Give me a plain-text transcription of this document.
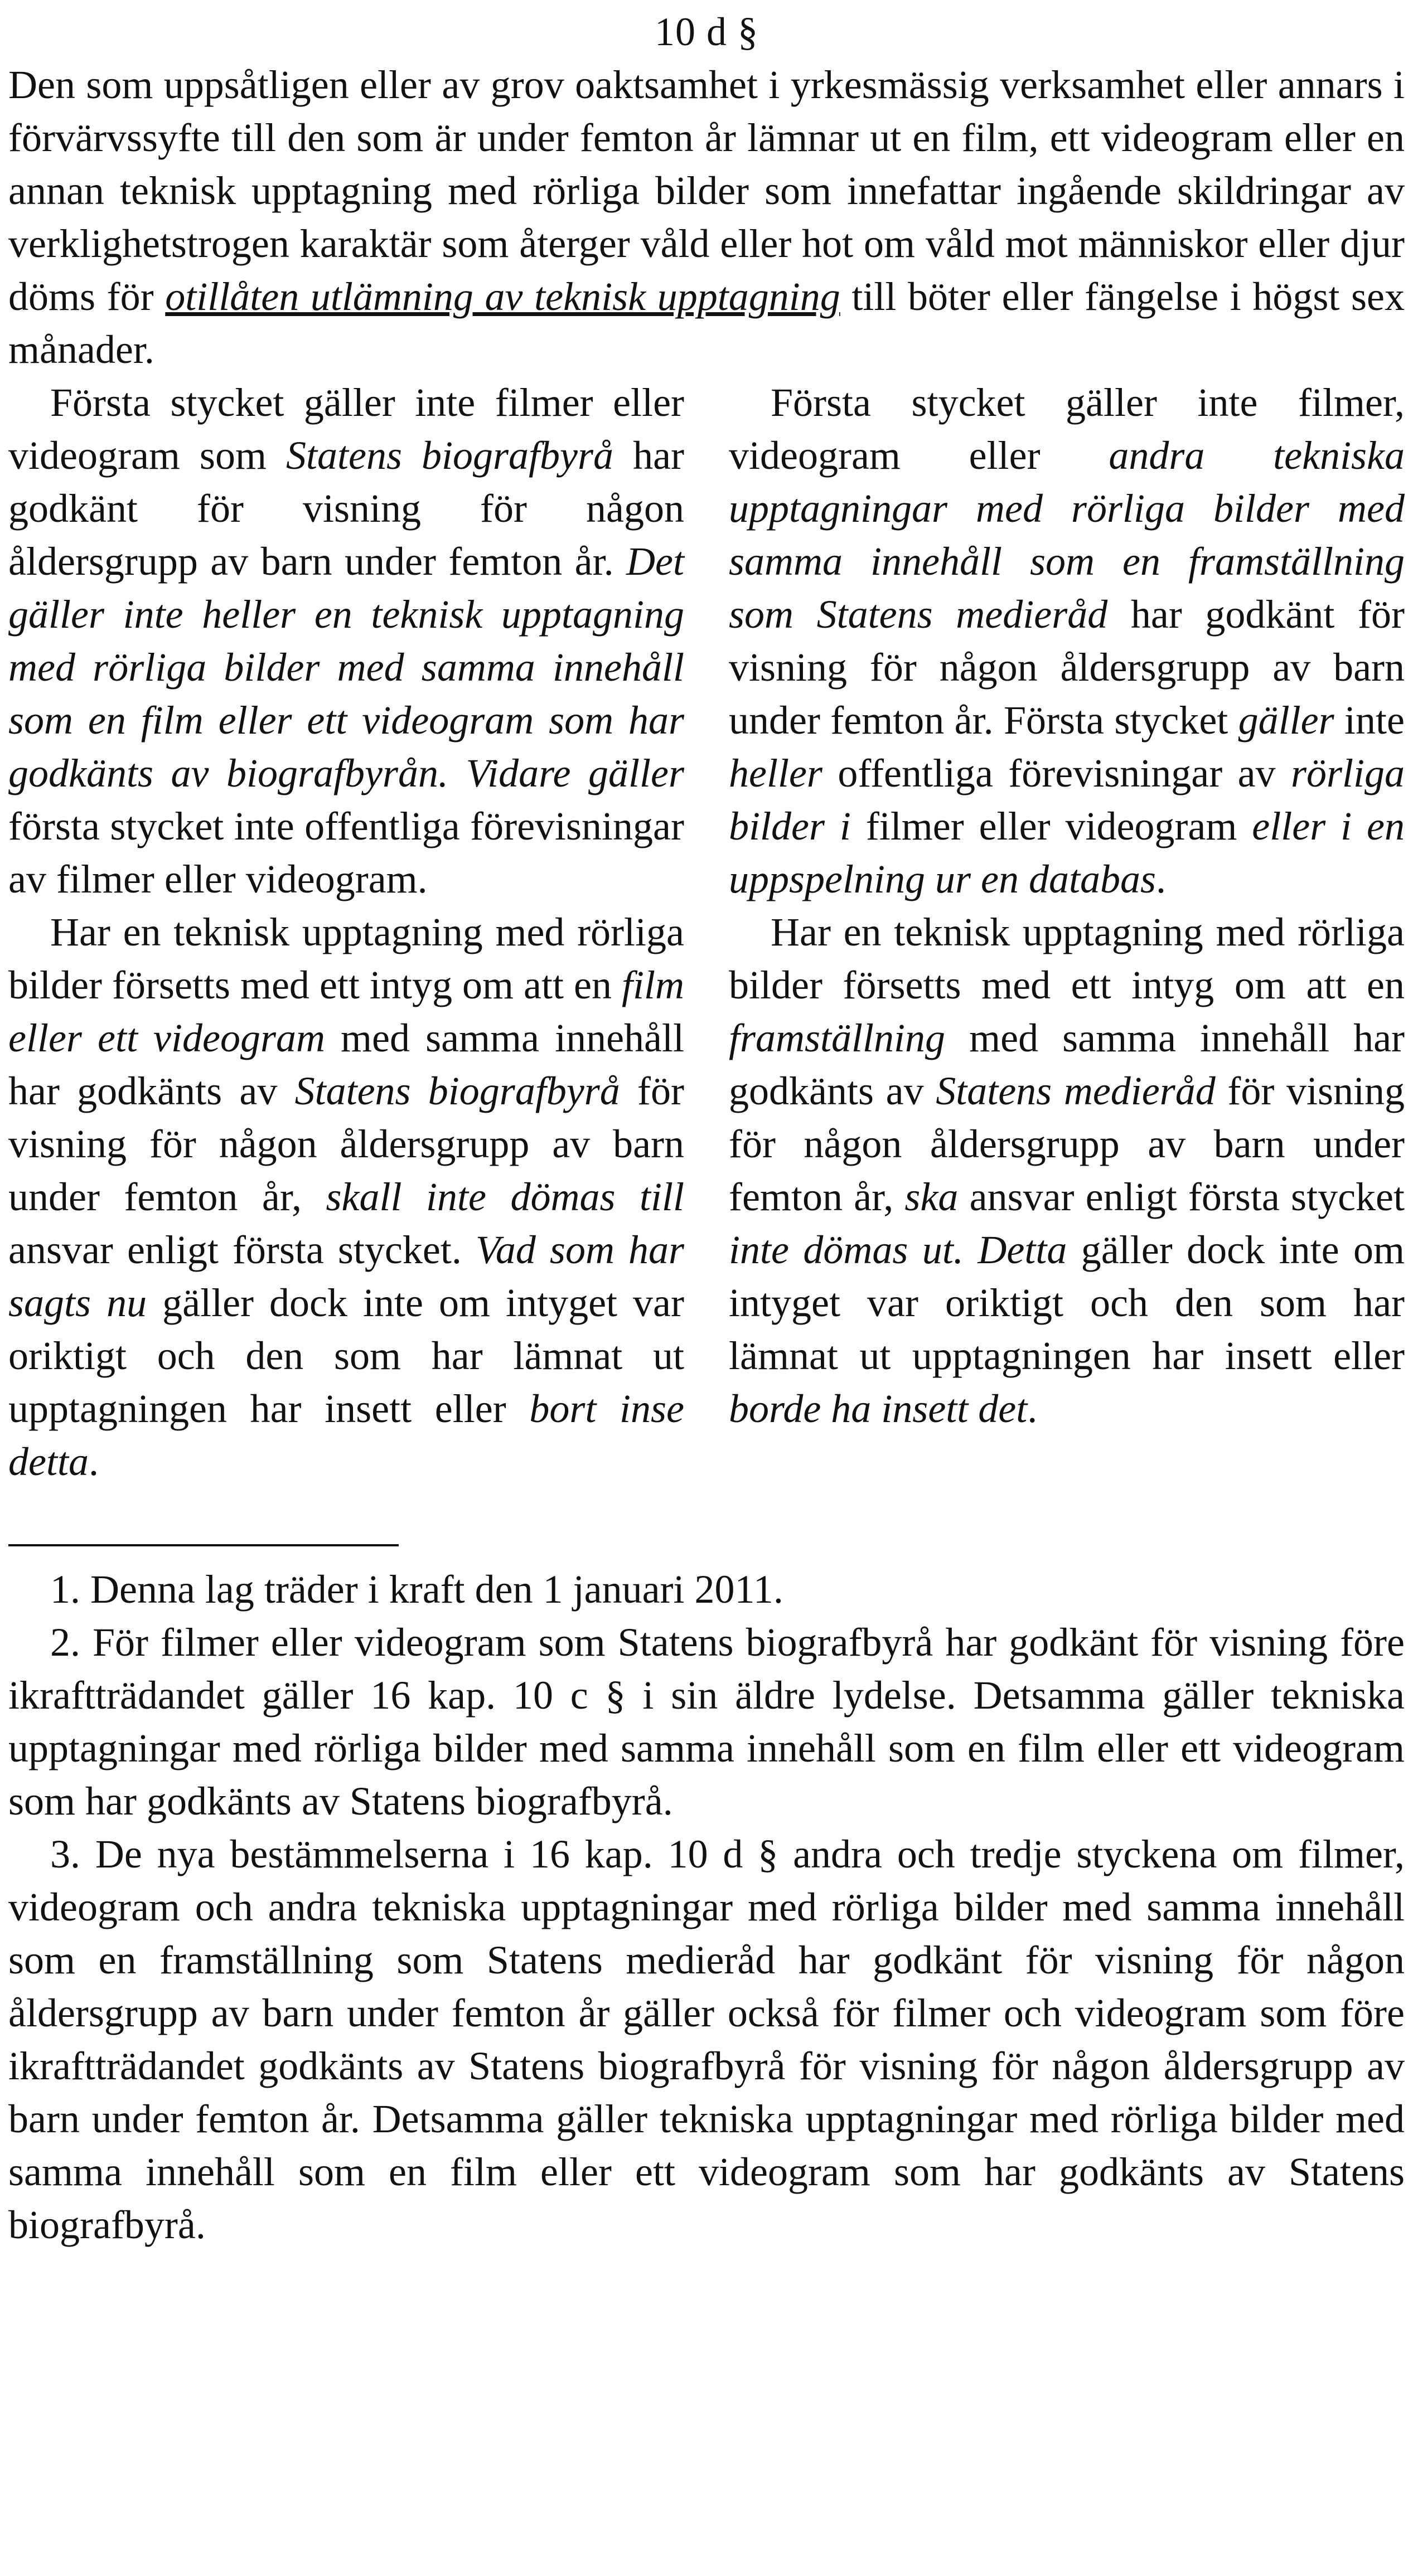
10 d §

Den som uppsåtligen eller av grov oaktsamhet i yrkesmässig verksamhet eller annars i förvärvssyfte till den som är under femton år lämnar ut en film, ett videogram eller en annan teknisk upptagning med rörliga bilder som innefattar ingående skildringar av verklighetstrogen karaktär som återger våld eller hot om våld mot människor eller djur döms för otillåten utlämning av teknisk upptagning till böter eller fängelse i högst sex månader.

Första stycket gäller inte filmer eller videogram som Statens biografbyrå har godkänt för visning för någon åldersgrupp av barn under femton år. Det gäller inte heller en teknisk upptagning med rörliga bilder med samma innehåll som en film eller ett videogram som har godkänts av biografbyrån. Vidare gäller första stycket inte offentliga förevisningar av filmer eller videogram.

Har en teknisk upptagning med rörliga bilder försetts med ett intyg om att en film eller ett videogram med samma innehåll har godkänts av Statens biografbyrå för visning för någon åldersgrupp av barn under femton år, skall inte dömas till ansvar enligt första stycket. Vad som har sagts nu gäller dock inte om intyget var oriktigt och den som har lämnat ut upptagningen har insett eller bort inse detta.

Första stycket gäller inte filmer, videogram eller andra tekniska upptagningar med rörliga bilder med samma innehåll som en framställning som Statens medieråd har godkänt för visning för någon åldersgrupp av barn under femton år. Första stycket gäller inte heller offentliga förevisningar av rörliga bilder i filmer eller videogram eller i en uppspelning ur en databas.

Har en teknisk upptagning med rörliga bilder försetts med ett intyg om att en framställning med samma innehåll har godkänts av Statens medieråd för visning för någon åldersgrupp av barn under femton år, ska ansvar enligt första stycket inte dömas ut. Detta gäller dock inte om intyget var oriktigt och den som har lämnat ut upptagningen har insett eller borde ha insett det.

1. Denna lag träder i kraft den 1 januari 2011.

2. För filmer eller videogram som Statens biografbyrå har godkänt för visning före ikraftträdandet gäller 16 kap. 10 c § i sin äldre lydelse. Detsamma gäller tekniska upptagningar med rörliga bilder med samma innehåll som en film eller ett videogram som har godkänts av Statens biografbyrå.

3. De nya bestämmelserna i 16 kap. 10 d § andra och tredje styckena om filmer, videogram och andra tekniska upptagningar med rörliga bilder med samma innehåll som en framställning som Statens medieråd har godkänt för visning för någon åldersgrupp av barn under femton år gäller också för filmer och videogram som före ikraftträdandet godkänts av Statens biografbyrå för visning för någon åldersgrupp av barn under femton år. Detsamma gäller tekniska upptagningar med rörliga bilder med samma innehåll som en film eller ett videogram som har godkänts av Statens biografbyrå.
